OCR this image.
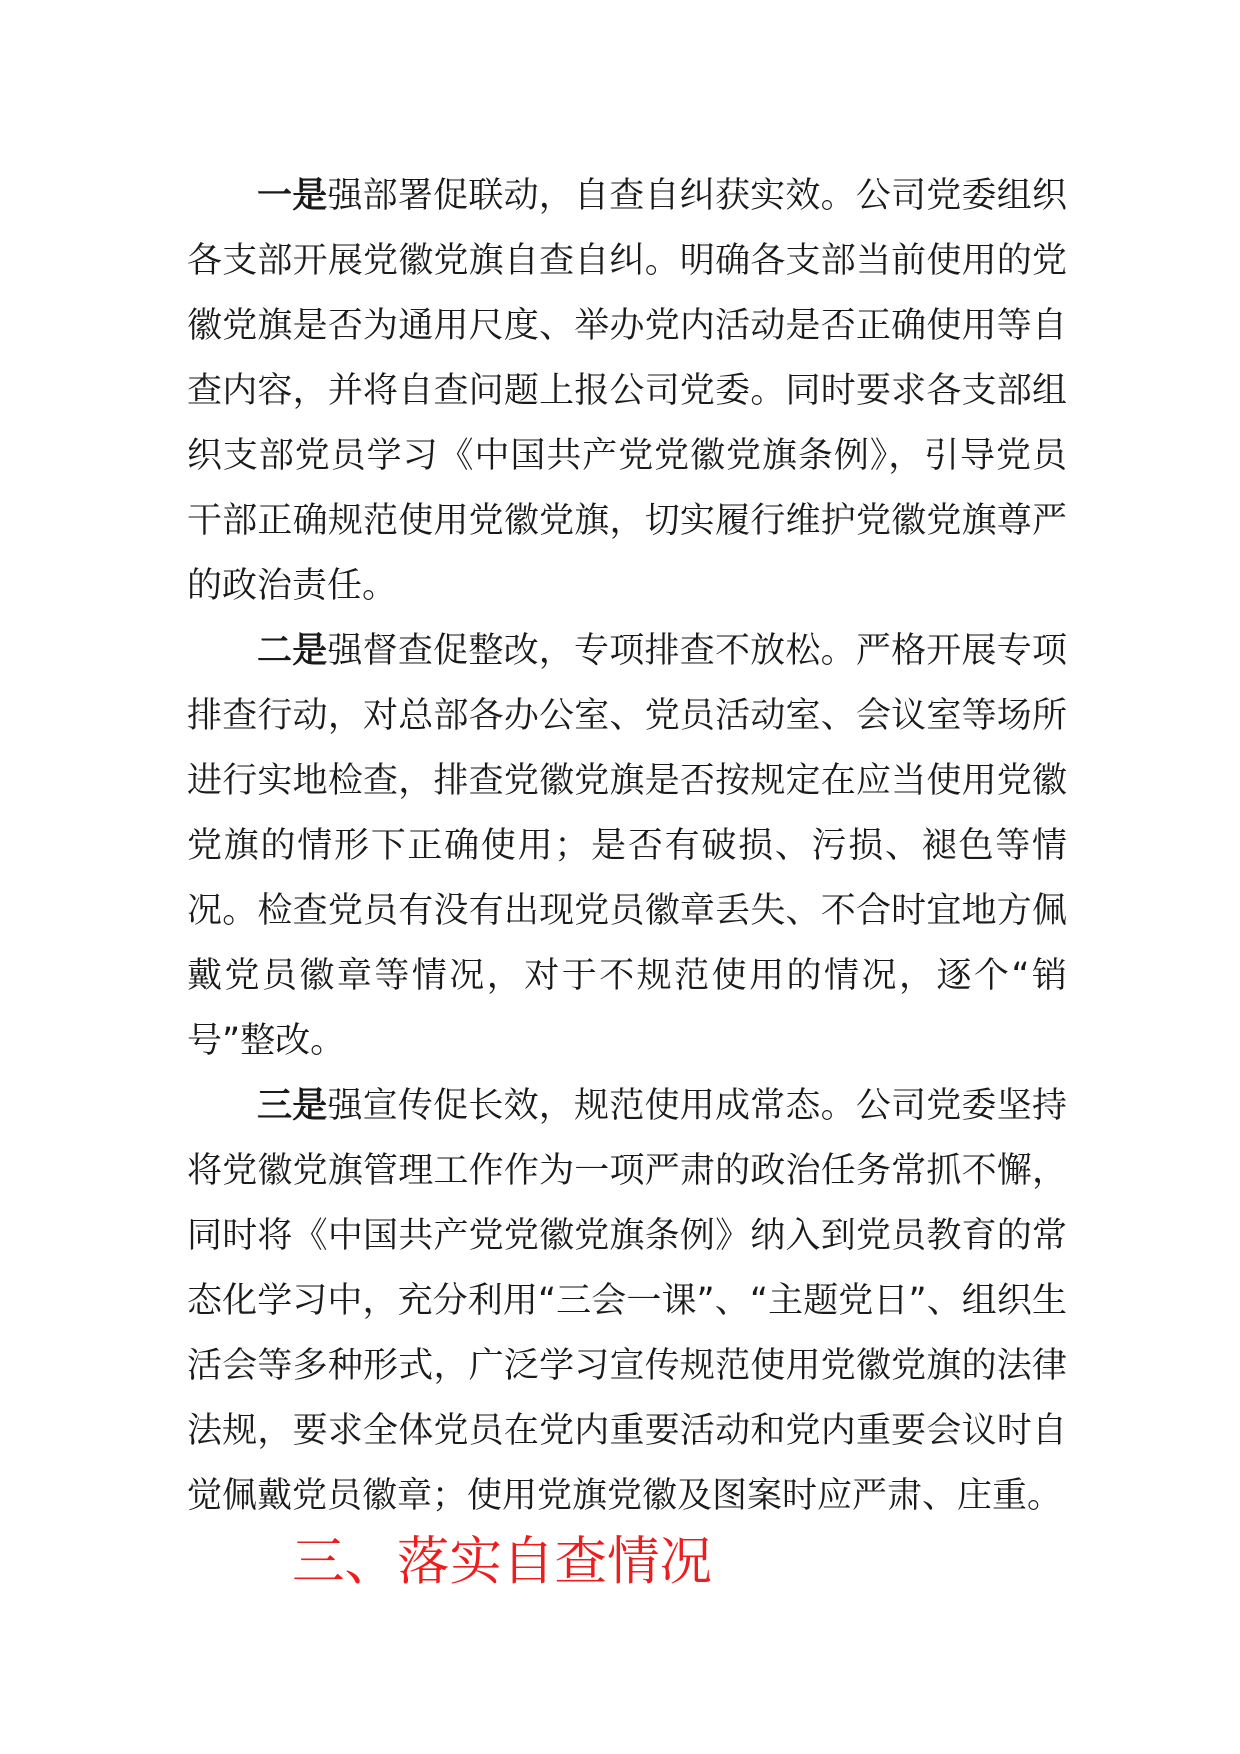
一是强部署促联动，自查自纠获实效。公司党委组织各支部开展党徽党旗自查自纠。明确各支部当前使用的党徽党旗是否为通用尺度、举办党内活动是否正确使用等自查内容，并将自查问题上报公司党委。同时要求各支部组织支部党员学习《中国共产党党徽党旗条例》，引导党员干部正确规范使用党徽党旗，切实履行维护党徽党旗尊严的政治责任。

二是强督查促整改，专项排查不放松。严格开展专项排查行动，对总部各办公室、党员活动室、会议室等场所进行实地检查，排查党徽党旗是否按规定在应当使用党徽党旗的情形下正确使用；是否有破损、污损、褪色等情况。检查党员有没有出现党员徽章丢失、不合时宜地方佩戴党员徽章等情况，对于不规范使用的情况，逐个“销号”整改。

三是强宣传促长效，规范使用成常态。公司党委坚持将党徽党旗管理工作作为一项严肃的政治任务常抓不懈，同时将《中国共产党党徽党旗条例》纳入到党员教育的常态化学习中，充分利用“三会一课”、“主题党日”、组织生活会等多种形式，广泛学习宣传规范使用党徽党旗的法律法规，要求全体党员在党内重要活动和党内重要会议时自觉佩戴党员徽章；使用党旗党徽及图案时应严肃、庄重。

三、落实自查情况
